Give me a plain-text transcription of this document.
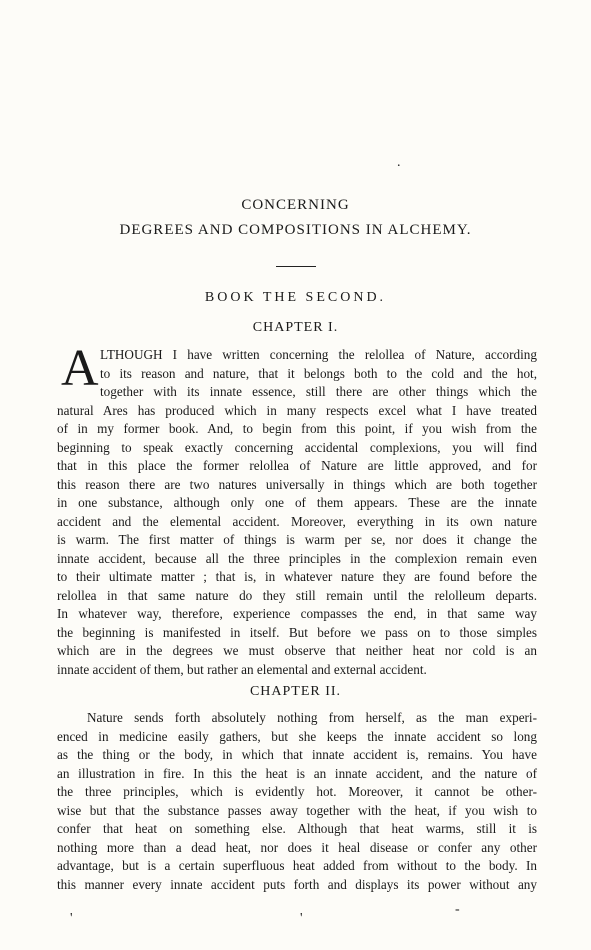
.
CONCERNING
DEGREES AND COMPOSITIONS IN ALCHEMY.
BOOK THE SECOND.
CHAPTER I.
A LTHOUGH I have written concerning the relollea of Nature, according
to its reason and nature, that it belongs both to the cold and the hot,
together with its innate essence, still there are other things which the
natural Ares has produced which in many respects excel what I have treated
of in my former book. And, to begin from this point, if you wish from the
beginning to speak exactly concerning accidental complexions, you will find
that in this place the former relollea of Nature are little approved, and for
this reason there are two natures universally in things which are both together
in one substance, although only one of them appears. These are the innate
accident and the elemental accident. Moreover, everything in its own nature
is warm. The first matter of things is warm per se, nor does it change the
innate accident, because all the three principles in the complexion remain even
to their ultimate matter ; that is, in whatever nature they are found before the
relollea in that same nature do they still remain until the relolleum departs.
In whatever way, therefore, experience compasses the end, in that same way
the beginning is manifested in itself. But before we pass on to those simples
which are in the degrees we must observe that neither heat nor cold is an
innate accident of them, but rather an elemental and external accident.
CHAPTER II.
Nature sends forth absolutely nothing from herself, as the man experi-
enced in medicine easily gathers, but she keeps the innate accident so long
as the thing or the body, in which that innate accident is, remains. You have
an illustration in fire. In this the heat is an innate accident, and the nature of
the three principles, which is evidently hot. Moreover, it cannot be other-
wise but that the substance passes away together with the heat, if you wish to
confer that heat on something else. Although that heat warms, still it is
nothing more than a dead heat, nor does it heal disease or confer any other
advantage, but is a certain superfluous heat added from without to the body. In
this manner every innate accident puts forth and displays its power without any
'	'
-
